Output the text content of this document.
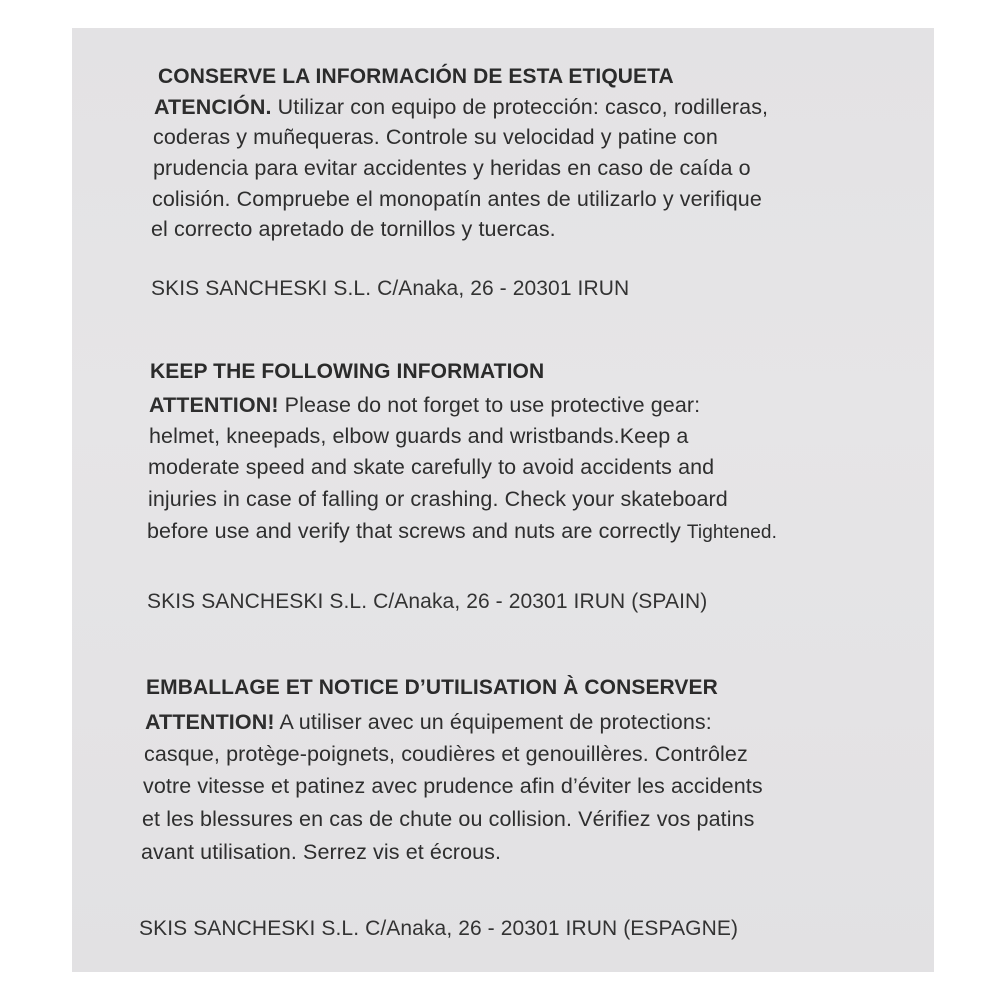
CONSERVE LA INFORMACIÓN DE ESTA ETIQUETA
ATENCIÓN. Utilizar con equipo de protección: casco, rodilleras,
coderas y muñequeras. Controle su velocidad y patine con
prudencia para evitar accidentes y heridas en caso de caída o
colisión. Compruebe el monopatín antes de utilizarlo y verifique
el correcto apretado de tornillos y tuercas.
SKIS SANCHESKI S.L. C/Anaka, 26 - 20301 IRUN
KEEP THE FOLLOWING INFORMATION
ATTENTION! Please do not forget to use protective gear:
helmet, kneepads, elbow guards and wristbands.Keep a
moderate speed and skate carefully to avoid accidents and
injuries in case of falling or crashing. Check your skateboard
before use and verify that screws and nuts are correctly Tightened.
SKIS SANCHESKI S.L. C/Anaka, 26 - 20301 IRUN (SPAIN)
EMBALLAGE ET NOTICE D’UTILISATION À CONSERVER
ATTENTION! A utiliser avec un équipement de protections:
casque, protège-poignets, coudières et genouillères. Contrôlez
votre vitesse et patinez avec prudence afin d’éviter les accidents
et les blessures en cas de chute ou collision. Vérifiez vos patins
avant utilisation. Serrez vis et écrous.
SKIS SANCHESKI S.L. C/Anaka, 26 - 20301 IRUN (ESPAGNE)
